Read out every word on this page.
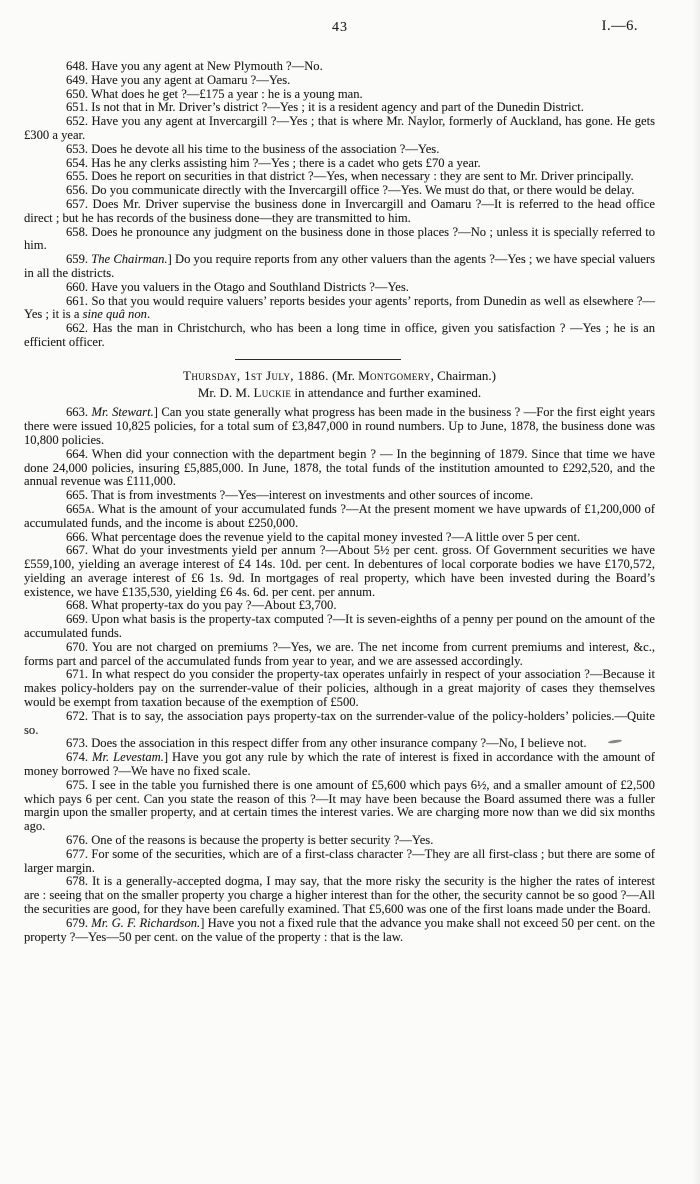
43	I.—6.

648. Have you any agent at New Plymouth ?—No.

649. Have you any agent at Oamaru ?—Yes.

650. What does he get ?—£175 a year : he is a young man.

651. Is not that in Mr. Driver’s district ?—Yes ; it is a resident agency and part of the Dunedin District.

652. Have you any agent at Invercargill ?—Yes ; that is where Mr. Naylor, formerly of Auckland, has gone. He gets £300 a year.

653. Does he devote all his time to the business of the association ?—Yes.

654. Has he any clerks assisting him ?—Yes ; there is a cadet who gets £70 a year.

655. Does he report on securities in that district ?—Yes, when necessary : they are sent to Mr. Driver principally.

656. Do you communicate directly with the Invercargill office ?—Yes. We must do that, or there would be delay.

657. Does Mr. Driver supervise the business done in Invercargill and Oamaru ?—It is referred to the head office direct ; but he has records of the business done—they are transmitted to him.

658. Does he pronounce any judgment on the business done in those places ?—No ; unless it is specially referred to him.

659. The Chairman.] Do you require reports from any other valuers than the agents ?—Yes ; we have special valuers in all the districts.

660. Have you valuers in the Otago and Southland Districts ?—Yes.

661. So that you would require valuers’ reports besides your agents’ reports, from Dunedin as well as elsewhere ?—Yes ; it is a sine quâ non.

662. Has the man in Christchurch, who has been a long time in office, given you satisfaction ? —Yes ; he is an efficient officer.

Thursday, 1st July, 1886. (Mr. Montgomery, Chairman.)

Mr. D. M. Luckie in attendance and further examined.

663. Mr. Stewart.] Can you state generally what progress has been made in the business ? —For the first eight years there were issued 10,825 policies, for a total sum of £3,847,000 in round numbers. Up to June, 1878, the business done was 10,800 policies.

664. When did your connection with the department begin ? — In the beginning of 1879. Since that time we have done 24,000 policies, insuring £5,885,000. In June, 1878, the total funds of the institution amounted to £292,520, and the annual revenue was £111,000.

665. That is from investments ?—Yes—interest on investments and other sources of income.

665a. What is the amount of your accumulated funds ?—At the present moment we have upwards of £1,200,000 of accumulated funds, and the income is about £250,000.

666. What percentage does the revenue yield to the capital money invested ?—A little over 5 per cent.

667. What do your investments yield per annum ?—About 5½ per cent. gross. Of Government securities we have £559,100, yielding an average interest of £4 14s. 10d. per cent. In debentures of local corporate bodies we have £170,572, yielding an average interest of £6 1s. 9d. In mortgages of real property, which have been invested during the Board’s existence, we have £135,530, yielding £6 4s. 6d. per cent. per annum.

668. What property-tax do you pay ?—About £3,700.

669. Upon what basis is the property-tax computed ?—It is seven-eighths of a penny per pound on the amount of the accumulated funds.

670. You are not charged on premiums ?—Yes, we are. The net income from current premiums and interest, &c., forms part and parcel of the accumulated funds from year to year, and we are assessed accordingly.

671. In what respect do you consider the property-tax operates unfairly in respect of your association ?—Because it makes policy-holders pay on the surrender-value of their policies, although in a great majority of cases they themselves would be exempt from taxation because of the exemption of £500.

672. That is to say, the association pays property-tax on the surrender-value of the policy-holders’ policies.—Quite so.

673. Does the association in this respect differ from any other insurance company ?—No, I believe not.

674. Mr. Levestam.] Have you got any rule by which the rate of interest is fixed in accordance with the amount of money borrowed ?—We have no fixed scale.

675. I see in the table you furnished there is one amount of £5,600 which pays 6½, and a smaller amount of £2,500 which pays 6 per cent. Can you state the reason of this ?—It may have been because the Board assumed there was a fuller margin upon the smaller property, and at certain times the interest varies. We are charging more now than we did six months ago.

676. One of the reasons is because the property is better security ?—Yes.

677. For some of the securities, which are of a first-class character ?—They are all first-class ; but there are some of larger margin.

678. It is a generally-accepted dogma, I may say, that the more risky the security is the higher the rates of interest are : seeing that on the smaller property you charge a higher interest than for the other, the security cannot be so good ?—All the securities are good, for they have been carefully examined. That £5,600 was one of the first loans made under the Board.

679. Mr. G. F. Richardson.] Have you not a fixed rule that the advance you make shall not exceed 50 per cent. on the property ?—Yes—50 per cent. on the value of the property : that is the law.
